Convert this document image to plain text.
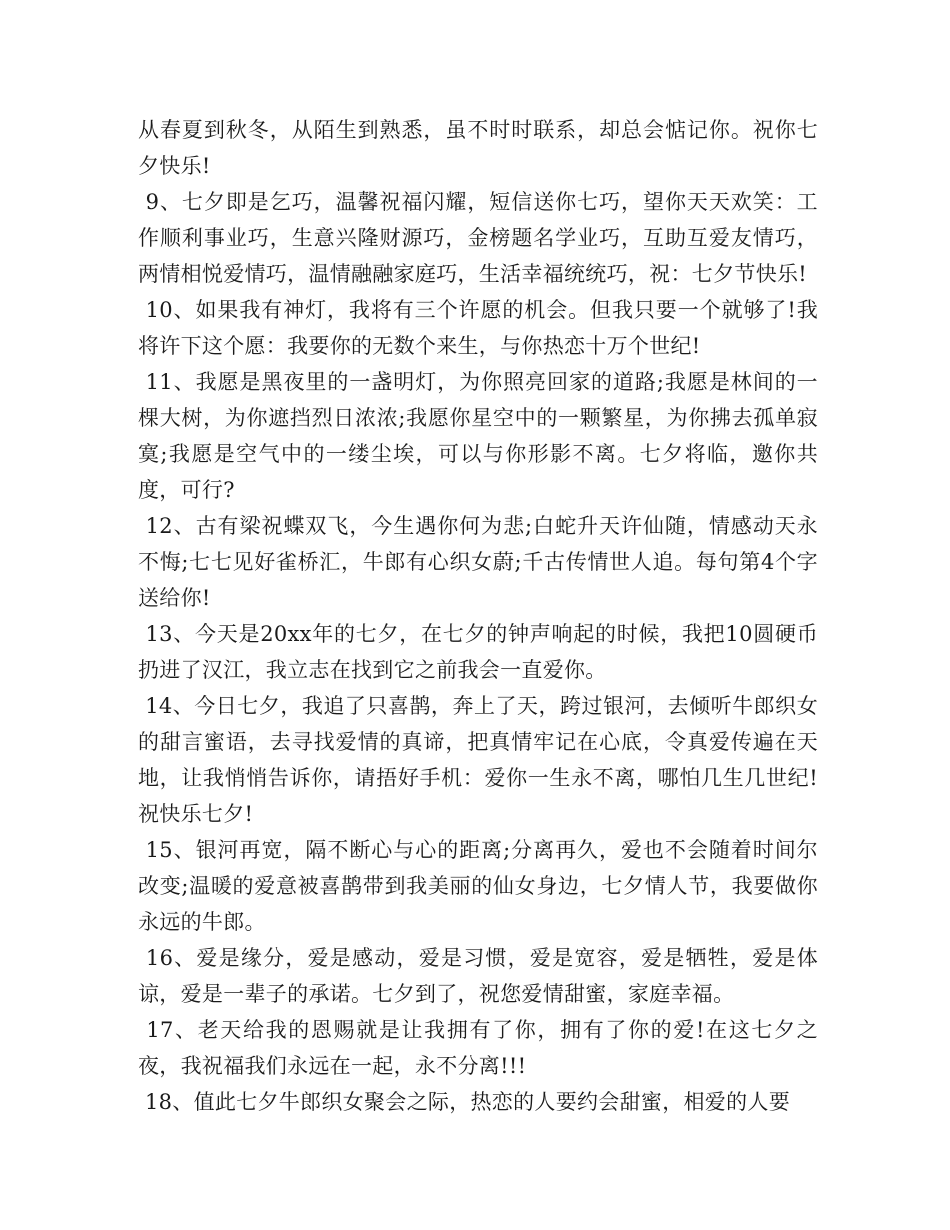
从春夏到秋冬，从陌生到熟悉，虽不时时联系，却总会惦记你。祝你七夕快乐!

9、七夕即是乞巧，温馨祝福闪耀，短信送你七巧，望你天天欢笑：工作顺利事业巧，生意兴隆财源巧，金榜题名学业巧，互助互爱友情巧，两情相悦爱情巧，温情融融家庭巧，生活幸福统统巧，祝：七夕节快乐!

10、如果我有神灯，我将有三个许愿的机会。但我只要一个就够了!我将许下这个愿：我要你的无数个来生，与你热恋十万个世纪!

11、我愿是黑夜里的一盏明灯，为你照亮回家的道路;我愿是林间的一棵大树，为你遮挡烈日浓浓;我愿你星空中的一颗繁星，为你拂去孤单寂寞;我愿是空气中的一缕尘埃，可以与你形影不离。七夕将临，邀你共度，可行?

12、古有梁祝蝶双飞，今生遇你何为悲;白蛇升天许仙随，情感动天永不悔;七七见好雀桥汇，牛郎有心织女蔚;千古传情世人追。每句第4个字送给你!

13、今天是20xx年的七夕，在七夕的钟声响起的时候，我把10圆硬币扔进了汉江，我立志在找到它之前我会一直爱你。

14、今日七夕，我追了只喜鹊，奔上了天，跨过银河，去倾听牛郎织女的甜言蜜语，去寻找爱情的真谛，把真情牢记在心底，令真爱传遍在天地，让我悄悄告诉你，请捂好手机：爱你一生永不离，哪怕几生几世纪!祝快乐七夕!

15、银河再宽，隔不断心与心的距离;分离再久，爱也不会随着时间尔改变;温暖的爱意被喜鹊带到我美丽的仙女身边，七夕情人节，我要做你永远的牛郎。

16、爱是缘分，爱是感动，爱是习惯，爱是宽容，爱是牺牲，爱是体谅，爱是一辈子的承诺。七夕到了，祝您爱情甜蜜，家庭幸福。

17、老天给我的恩赐就是让我拥有了你，拥有了你的爱!在这七夕之夜，我祝福我们永远在一起，永不分离!!!

18、值此七夕牛郎织女聚会之际，热恋的人要约会甜蜜，相爱的人要
